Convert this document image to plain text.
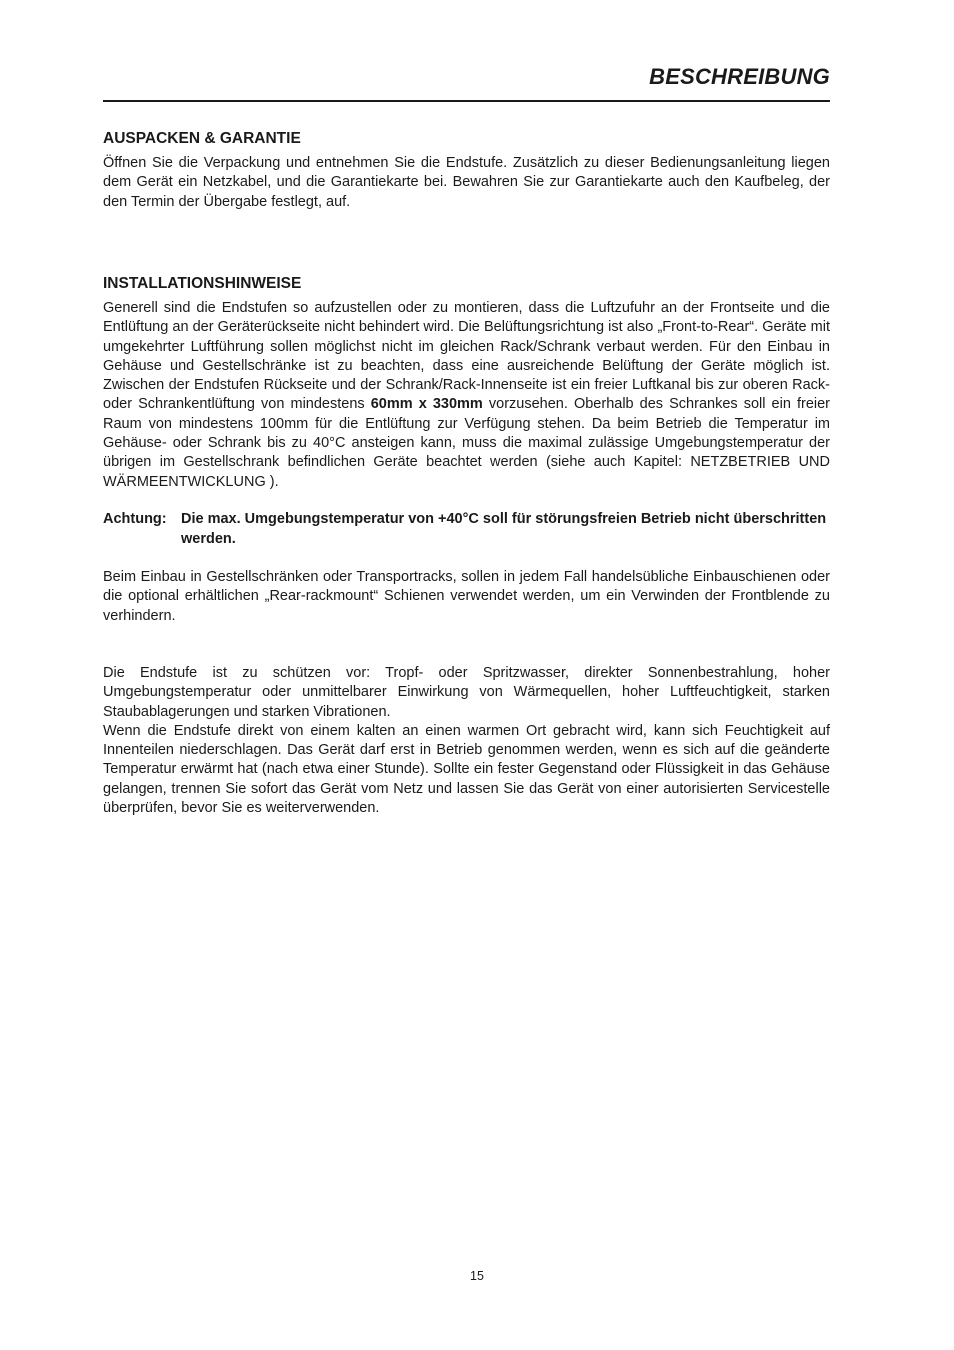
BESCHREIBUNG
AUSPACKEN & GARANTIE

Öffnen Sie die Verpackung und entnehmen Sie die Endstufe. Zusätzlich zu dieser Bedienungsanleitung liegen dem Gerät ein Netzkabel, und die Garantiekarte bei. Bewahren Sie zur Garantiekarte auch den Kaufbeleg, der den Termin der Übergabe festlegt, auf.

INSTALLATIONSHINWEISE

Generell sind die Endstufen so aufzustellen oder zu montieren, dass die Luftzufuhr an der Frontseite und die Entlüftung an der Geräterückseite nicht behindert wird. Die Belüftungsrichtung ist also „Front-to-Rear“. Geräte mit umgekehrter Luftführung sollen möglichst nicht im gleichen Rack/Schrank verbaut werden. Für den Einbau in Gehäuse und Gestellschränke ist zu beachten, dass eine ausreichende Belüftung der Geräte möglich ist. Zwischen der Endstufen Rückseite und der Schrank/Rack-Innenseite ist ein freier Luftkanal bis zur oberen Rack- oder Schrankentlüftung von mindestens 60mm x 330mm vorzusehen. Oberhalb des Schrankes soll ein freier Raum von mindestens 100mm für die Entlüftung zur Verfügung stehen. Da beim Betrieb die Temperatur im Gehäuse- oder Schrank bis zu 40°C ansteigen kann, muss die maximal zulässige Umgebungstemperatur der übrigen im Gestellschrank befindlichen Geräte beachtet werden (siehe auch Kapitel: NETZBETRIEB UND WÄRMEENTWICKLUNG ).

Achtung: Die max. Umgebungstemperatur von +40°C soll für störungsfreien Betrieb nicht überschritten werden.

Beim Einbau in Gestellschränken oder Transportracks, sollen in jedem Fall handelsübliche Einbauschienen oder die optional erhältlichen „Rear-rackmount“ Schienen verwendet werden, um ein Verwinden der Frontblende zu verhindern.

Die Endstufe ist zu schützen vor: Tropf- oder Spritzwasser, direkter Sonnenbestrahlung, hoher Umgebungstemperatur oder unmittelbarer Einwirkung von Wärmequellen, hoher Luftfeuchtigkeit, starken Staubablagerungen und starken Vibrationen.

Wenn die Endstufe direkt von einem kalten an einen warmen Ort gebracht wird, kann sich Feuchtigkeit auf Innenteilen niederschlagen. Das Gerät darf erst in Betrieb genommen werden, wenn es sich auf die geänderte Temperatur erwärmt hat (nach etwa einer Stunde). Sollte ein fester Gegenstand oder Flüssigkeit in das Gehäuse gelangen, trennen Sie sofort das Gerät vom Netz und lassen Sie das Gerät von einer autorisierten Servicestelle überprüfen, bevor Sie es weiterverwenden.

15
